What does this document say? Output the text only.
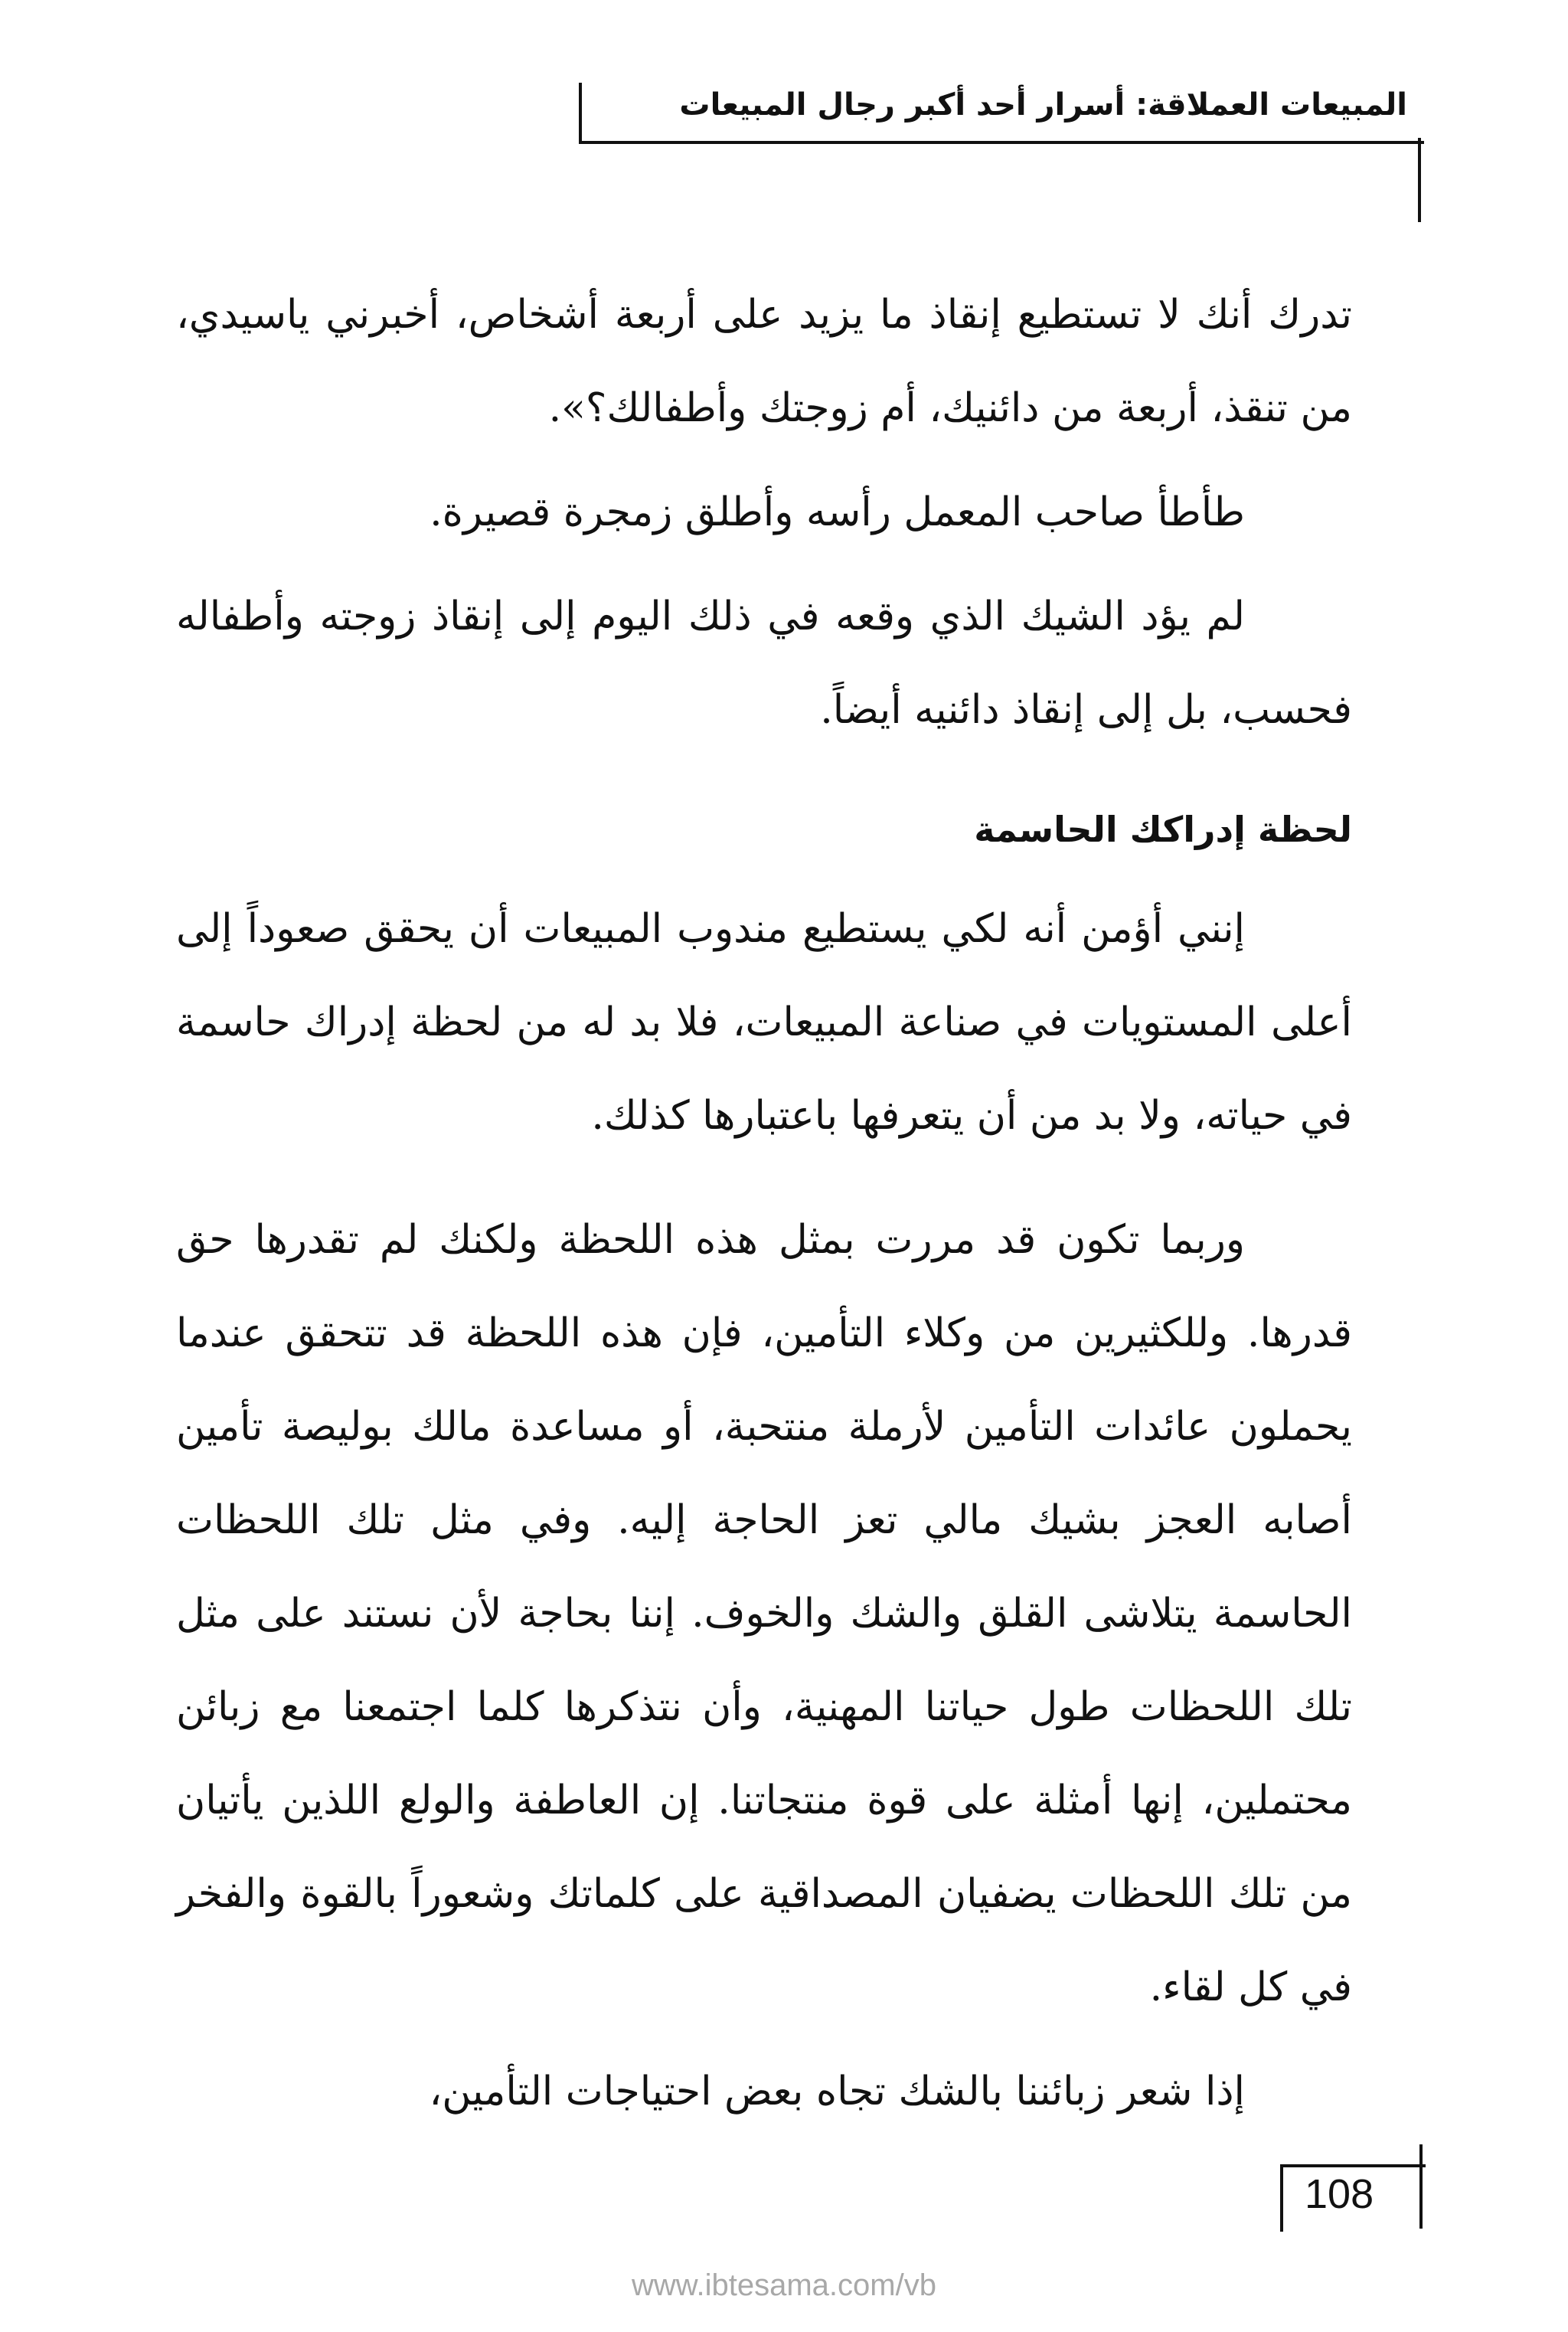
المبيعات العملاقة: أسرار أحد أكبر رجال المبيعات

تدرك أنك لا تستطيع إنقاذ ما يزيد على أربعة أشخاص، أخبرني ياسيدي، من تنقذ، أربعة من دائنيك، أم زوجتك وأطفالك؟».

طأطأ صاحب المعمل رأسه وأطلق زمجرة قصيرة.

لم يؤد الشيك الذي وقعه في ذلك اليوم إلى إنقاذ زوجته وأطفاله فحسب، بل إلى إنقاذ دائنيه أيضاً.

لحظة إدراكك الحاسمة

إنني أؤمن أنه لكي يستطيع مندوب المبيعات أن يحقق صعوداً إلى أعلى المستويات في صناعة المبيعات، فلا بد له من لحظة إدراك حاسمة في حياته، ولا بد من أن يتعرفها باعتبارها كذلك.

وربما تكون قد مررت بمثل هذه اللحظة ولكنك لم تقدرها حق قدرها. وللكثيرين من وكلاء التأمين، فإن هذه اللحظة قد تتحقق عندما يحملون عائدات التأمين لأرملة منتحبة، أو مساعدة مالك بوليصة تأمين أصابه العجز بشيك مالي تعز الحاجة إليه. وفي مثل تلك اللحظات الحاسمة يتلاشى القلق والشك والخوف. إننا بحاجة لأن نستند على مثل تلك اللحظات طول حياتنا المهنية، وأن نتذكرها كلما اجتمعنا مع زبائن محتملين، إنها أمثلة على قوة منتجاتنا. إن العاطفة والولع اللذين يأتيان من تلك اللحظات يضفيان المصداقية على كلماتك وشعوراً بالقوة والفخر في كل لقاء.

إذا شعر زبائننا بالشك تجاه بعض احتياجات التأمين،

108
www.ibtesama.com/vb
